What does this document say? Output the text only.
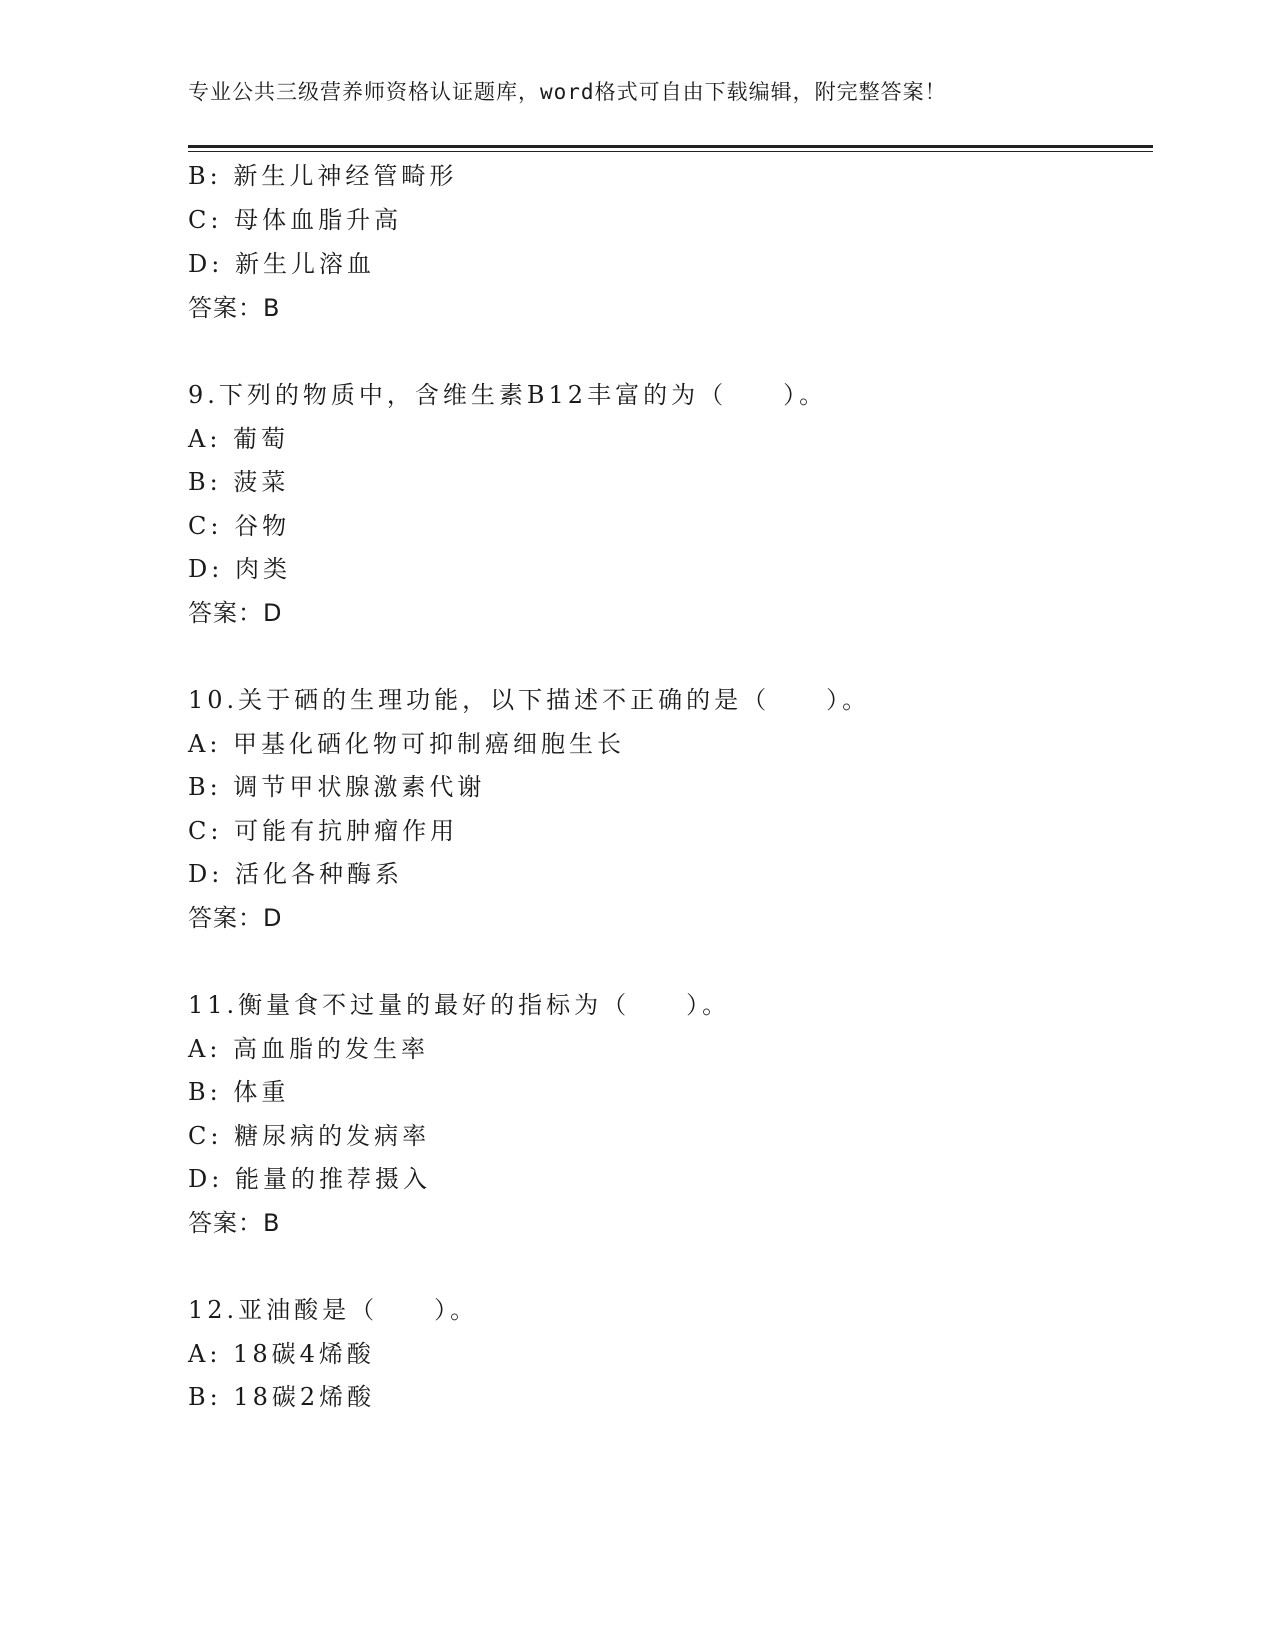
专业公共三级营养师资格认证题库，word格式可自由下载编辑，附完整答案！
B: 新生儿神经管畸形
C: 母体血脂升高
D: 新生儿溶血
答案：B
9.下列的物质中，含维生素B12丰富的为（　　）。
A: 葡萄
B: 菠菜
C: 谷物
D: 肉类
答案：D
10.关于硒的生理功能，以下描述不正确的是（　　）。
A: 甲基化硒化物可抑制癌细胞生长
B: 调节甲状腺激素代谢
C: 可能有抗肿瘤作用
D: 活化各种酶系
答案：D
11.衡量食不过量的最好的指标为（　　）。
A: 高血脂的发生率
B: 体重
C: 糖尿病的发病率
D: 能量的推荐摄入
答案：B
12.亚油酸是（　　）。
A: 18碳4烯酸
B: 18碳2烯酸
